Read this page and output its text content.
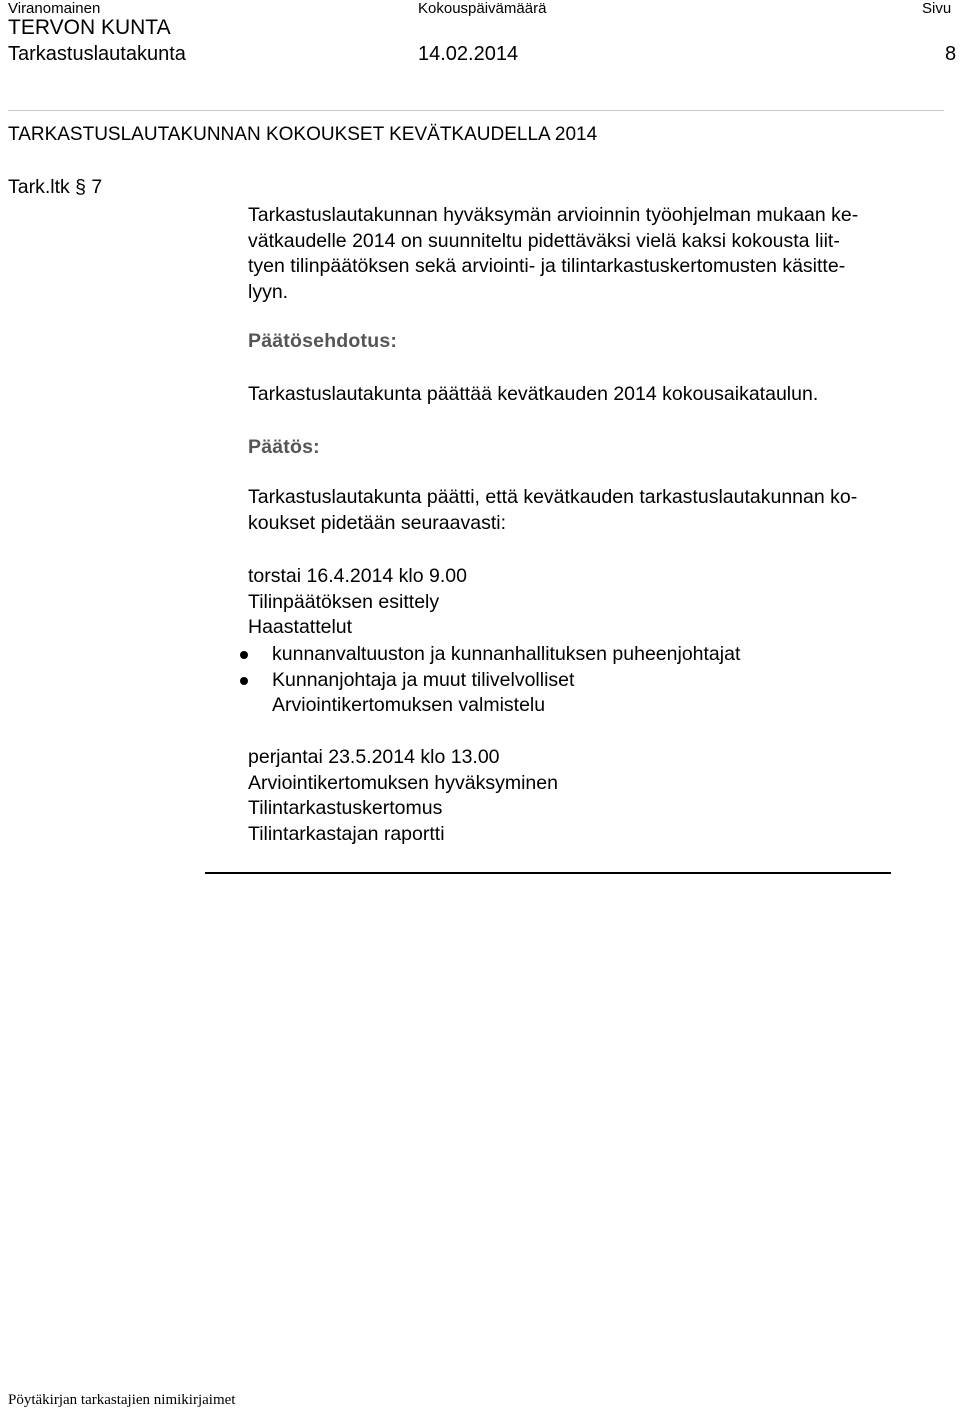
Viranomainen	Kokouspäivämäärä	Sivu
TERVON KUNTA
Tarkastuslautakunta	14.02.2014	8
TARKASTUSLAUTAKUNNAN KOKOUKSET KEVÄTKAUDELLA 2014
Tark.ltk § 7
Tarkastuslautakunnan hyväksymän arvioinnin työohjelman mukaan ke-
vätkaudelle 2014 on suunniteltu pidettäväksi vielä kaksi kokousta liit-
tyen tilinpäätöksen sekä arviointi- ja tilintarkastuskertomusten käsitte-
lyyn.
Päätösehdotus:
Tarkastuslautakunta päättää kevätkauden 2014 kokousaikataulun.
Päätös:
Tarkastuslautakunta päätti, että kevätkauden tarkastuslautakunnan ko-
koukset pidetään seuraavasti:
torstai 16.4.2014 klo 9.00
Tilinpäätöksen esittely
Haastattelut
kunnanvaltuuston ja kunnanhallituksen puheenjohtajat
Kunnanjohtaja ja muut tilivelvolliset
Arviointikertomuksen valmistelu
perjantai 23.5.2014 klo 13.00
Arviointikertomuksen hyväksyminen
Tilintarkastuskertomus
Tilintarkastajan raportti
Pöytäkirjan tarkastajien nimikirjaimet
